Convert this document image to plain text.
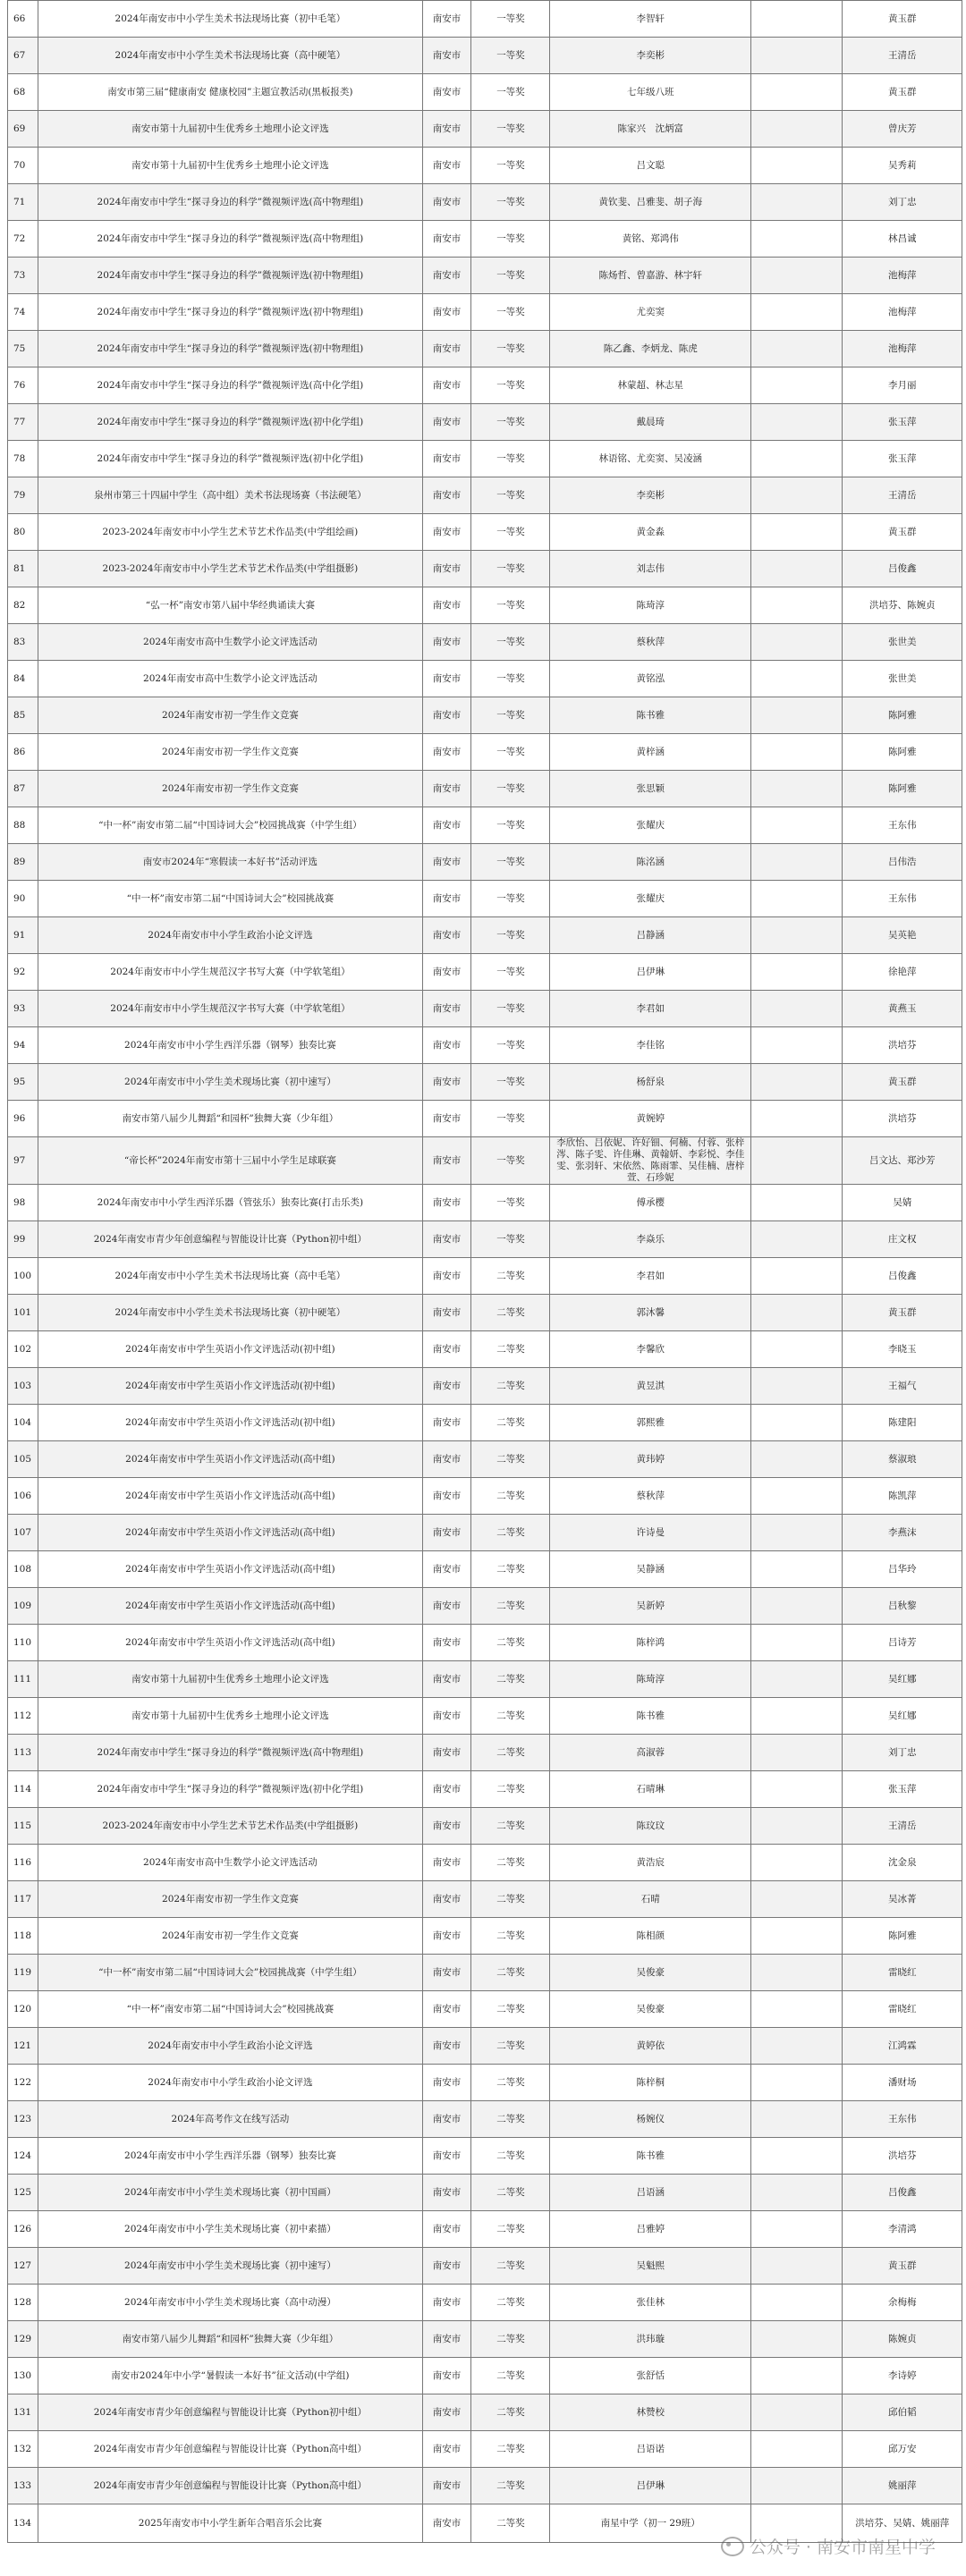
66	2024年南安市中小学生美术书法现场比赛（初中毛笔）	南安市	一等奖	李智轩		黄玉群
67	2024年南安市中小学生美术书法现场比赛（高中硬笔）	南安市	一等奖	李奕彬		王清岳
68	南安市第三届“健康南安 健康校园”主题宣教活动(黑板报类)	南安市	一等奖	七年级八班		黄玉群
69	南安市第十九届初中生优秀乡土地理小论文评选	南安市	一等奖	陈家兴　沈炳富		曾庆芳
70	南安市第十九届初中生优秀乡土地理小论文评选	南安市	一等奖	吕文聪		吴秀莉
71	2024年南安市中学生“探寻身边的科学”微视频评选(高中物理组)	南安市	一等奖	黄钦斐、吕雅斐、胡子海		刘丁忠
72	2024年南安市中学生“探寻身边的科学”微视频评选(高中物理组)	南安市	一等奖	黄铭、郑鸿伟		林昌诚
73	2024年南安市中学生“探寻身边的科学”微视频评选(初中物理组)	南安市	一等奖	陈炀哲、曾嘉游、林宇轩		池梅萍
74	2024年南安市中学生“探寻身边的科学”微视频评选(初中物理组)	南安市	一等奖	尤奕窦		池梅萍
75	2024年南安市中学生“探寻身边的科学”微视频评选(初中物理组)	南安市	一等奖	陈乙鑫、李炳龙、陈虎		池梅萍
76	2024年南安市中学生“探寻身边的科学”微视频评选(高中化学组)	南安市	一等奖	林蒙超、林志星		李月丽
77	2024年南安市中学生“探寻身边的科学”微视频评选(初中化学组)	南安市	一等奖	戴晨琦		张玉萍
78	2024年南安市中学生“探寻身边的科学”微视频评选(初中化学组)	南安市	一等奖	林语铭、尤奕窦、吴凌涵		张玉萍
79	泉州市第三十四届中学生（高中组）美术书法现场赛（书法硬笔）	南安市	一等奖	李奕彬		王清岳
80	2023-2024年南安市中小学生艺术节艺术作品类(中学组绘画)	南安市	一等奖	黄金淼		黄玉群
81	2023-2024年南安市中小学生艺术节艺术作品类(中学组摄影)	南安市	一等奖	刘志伟		吕俊鑫
82	“弘一杯”南安市第八届中华经典诵读大赛	南安市	一等奖	陈琦淳		洪培芬、陈婉贞
83	2024年南安市高中生数学小论文评选活动	南安市	一等奖	蔡秋萍		张世美
84	2024年南安市高中生数学小论文评选活动	南安市	一等奖	黄铭泓		张世美
85	2024年南安市初一学生作文竞赛	南安市	一等奖	陈书雅		陈阿雅
86	2024年南安市初一学生作文竞赛	南安市	一等奖	黄梓涵		陈阿雅
87	2024年南安市初一学生作文竞赛	南安市	一等奖	张思颖		陈阿雅
88	“中一杯”南安市第二届“中国诗词大会”校园挑战赛（中学生组）	南安市	一等奖	张耀庆		王东伟
89	南安市2024年“寒假读一本好书”活动评选	南安市	一等奖	陈洺涵		吕伟浩
90	“中一杯”南安市第二届“中国诗词大会”校园挑战赛	南安市	一等奖	张耀庆		王东伟
91	2024年南安市中小学生政治小论文评选	南安市	一等奖	吕静涵		吴英艳
92	2024年南安市中小学生规范汉字书写大赛（中学软笔组）	南安市	一等奖	吕伊琳		徐艳萍
93	2024年南安市中小学生规范汉字书写大赛（中学软笔组）	南安市	一等奖	李君如		黄燕玉
94	2024年南安市中小学生西洋乐器（钢琴）独奏比赛	南安市	一等奖	李佳铭		洪培芬
95	2024年南安市中小学生美术现场比赛（初中速写）	南安市	一等奖	杨舒泉		黄玉群
96	南安市第八届少儿舞蹈“和园杯”独舞大赛（少年组）	南安市	一等奖	黄婉婷		洪培芬
97	“帝长杯”2024年南安市第十三届中小学生足球联赛	南安市	一等奖	李欣怡、吕依妮、许好钿、何楠、付蓉、张梓涔、陈子雯、许佳琳、黄翰妍、李彩悦、李佳雯、张羽轩、宋依然、陈雨霏、吴佳楠、唐梓萱、石珍妮		吕文达、郑沙芳
98	2024年南安市中小学生西洋乐器（管弦乐）独奏比赛(打击乐类)	南安市	一等奖	傅承樱		吴婧
99	2024年南安市青少年创意编程与智能设计比赛（Python初中组）	南安市	一等奖	李焱乐		庄文权
100	2024年南安市中小学生美术书法现场比赛（高中毛笔）	南安市	二等奖	李君如		吕俊鑫
101	2024年南安市中小学生美术书法现场比赛（初中硬笔）	南安市	二等奖	郭沐馨		黄玉群
102	2024年南安市中学生英语小作文评选活动(初中组)	南安市	二等奖	李馨欣		李晓玉
103	2024年南安市中学生英语小作文评选活动(初中组)	南安市	二等奖	黄昱淇		王福气
104	2024年南安市中学生英语小作文评选活动(初中组)	南安市	二等奖	郭熙雅		陈建阳
105	2024年南安市中学生英语小作文评选活动(高中组)	南安市	二等奖	黄玮婷		蔡淑琅
106	2024年南安市中学生英语小作文评选活动(高中组)	南安市	二等奖	蔡秋萍		陈凯萍
107	2024年南安市中学生英语小作文评选活动(高中组)	南安市	二等奖	许诗曼		李燕沫
108	2024年南安市中学生英语小作文评选活动(高中组)	南安市	二等奖	吴静涵		吕华玲
109	2024年南安市中学生英语小作文评选活动(高中组)	南安市	二等奖	吴新婷		吕秋黎
110	2024年南安市中学生英语小作文评选活动(高中组)	南安市	二等奖	陈梓鸿		吕诗芳
111	南安市第十九届初中生优秀乡土地理小论文评选	南安市	二等奖	陈琦淳		吴红娜
112	南安市第十九届初中生优秀乡土地理小论文评选	南安市	二等奖	陈书雅		吴红娜
113	2024年南安市中学生“探寻身边的科学”微视频评选(高中物理组)	南安市	二等奖	高淑蓉		刘丁忠
114	2024年南安市中学生“探寻身边的科学”微视频评选(初中化学组)	南安市	二等奖	石晴琳		张玉萍
115	2023-2024年南安市中小学生艺术节艺术作品类(中学组摄影)	南安市	二等奖	陈玟玟		王清岳
116	2024年南安市高中生数学小论文评选活动	南安市	二等奖	黄浩宸		沈金泉
117	2024年南安市初一学生作文竞赛	南安市	二等奖	石晴		吴冰菁
118	2024年南安市初一学生作文竞赛	南安市	二等奖	陈相颜		陈阿雅
119	“中一杯”南安市第二届“中国诗词大会”校园挑战赛（中学生组）	南安市	二等奖	吴俊豪		雷晓红
120	“中一杯”南安市第二届“中国诗词大会”校园挑战赛	南安市	二等奖	吴俊豪		雷晓红
121	2024年南安市中小学生政治小论文评选	南安市	二等奖	黄婷依		江鸿霖
122	2024年南安市中小学生政治小论文评选	南安市	二等奖	陈梓桐		潘财场
123	2024年高考作文在线写活动	南安市	二等奖	杨婉仪		王东伟
124	2024年南安市中小学生西洋乐器（钢琴）独奏比赛	南安市	二等奖	陈书雅		洪培芬
125	2024年南安市中小学生美术现场比赛（初中国画）	南安市	二等奖	吕语涵		吕俊鑫
126	2024年南安市中小学生美术现场比赛（初中素描）	南安市	二等奖	吕雅婷		李清鸿
127	2024年南安市中小学生美术现场比赛（初中速写）	南安市	二等奖	吴魁熙		黄玉群
128	2024年南安市中小学生美术现场比赛（高中动漫）	南安市	二等奖	张佳林		余梅梅
129	南安市第八届少儿舞蹈“和园杯”独舞大赛（少年组）	南安市	二等奖	洪玮璇		陈婉贞
130	南安市2024年中小学“暑假读一本好书”征文活动(中学组)	南安市	二等奖	张舒恬		李诗婷
131	2024年南安市青少年创意编程与智能设计比赛（Python初中组）	南安市	二等奖	林赞校		邱伯韬
132	2024年南安市青少年创意编程与智能设计比赛（Python高中组）	南安市	二等奖	吕语诺		邱万安
133	2024年南安市青少年创意编程与智能设计比赛（Python高中组）	南安市	二等奖	吕伊琳		姚丽萍
134	2025年南安市中小学生新年合唱音乐会比赛	南安市	二等奖	南星中学（初一 29班）		洪培芬、吴婧、姚丽萍
公众号 · 南安市南星中学
